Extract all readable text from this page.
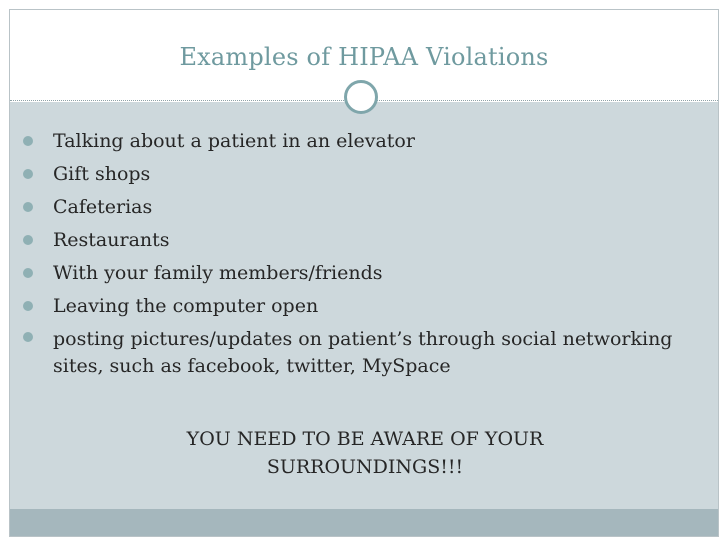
Examples of HIPAA Violations
Talking about a patient in an elevator
Gift shops
Cafeterias
Restaurants
With your family members/friends
Leaving the computer open
posting pictures/updates on patient’s through social networking sites, such as facebook, twitter, MySpace
YOU NEED TO BE AWARE OF YOUR
SURROUNDINGS!!!
